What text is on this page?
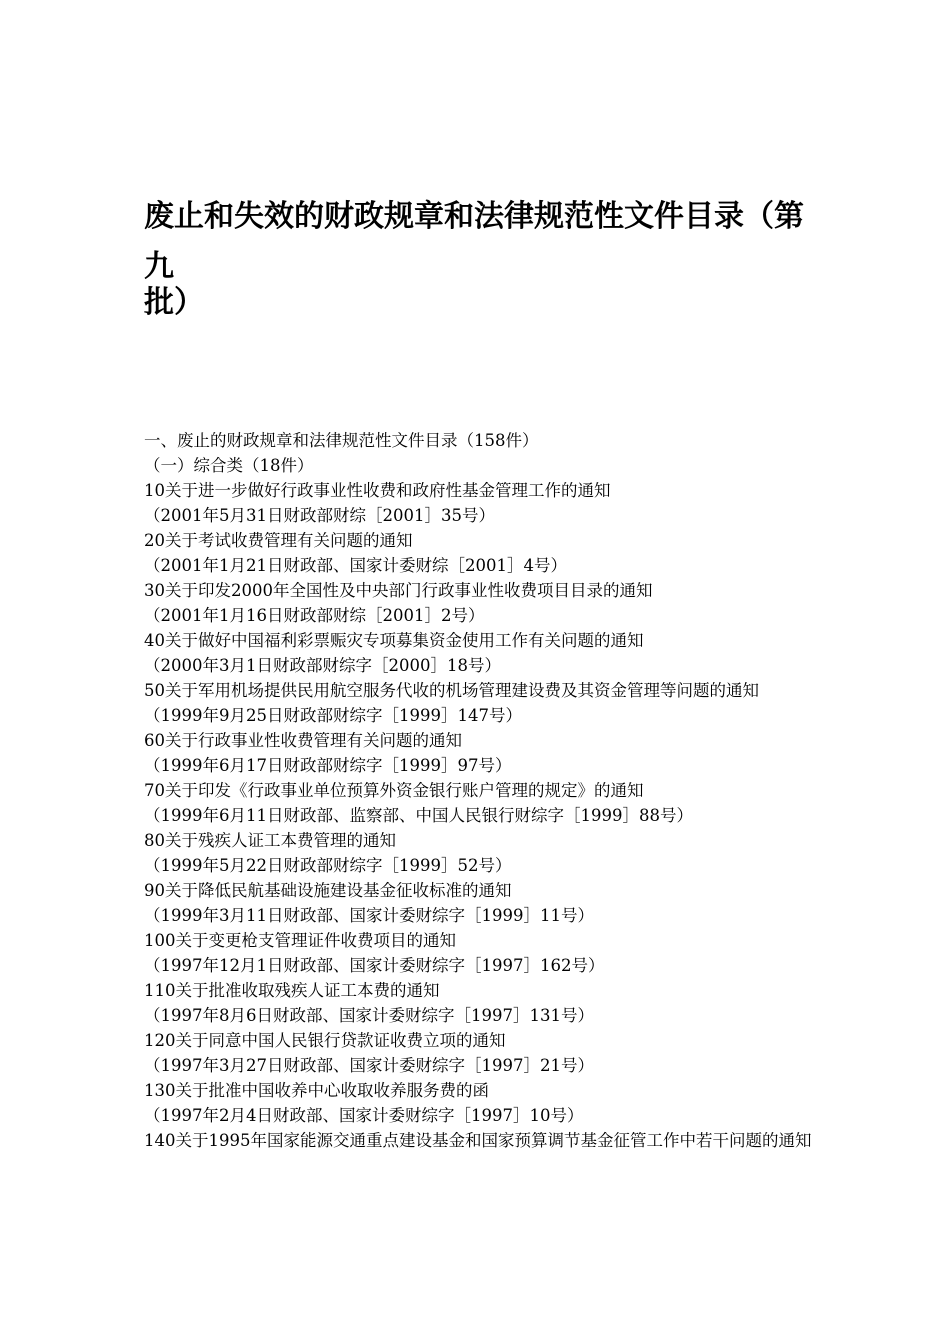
废止和失效的财政规章和法律规范性文件目录（第九
批）
一、废止的财政规章和法律规范性文件目录（158件）
（一）综合类（18件）
10关于进一步做好行政事业性收费和政府性基金管理工作的通知
（2001年5月31日财政部财综［2001］35号）
20关于考试收费管理有关问题的通知
（2001年1月21日财政部、国家计委财综［2001］4号）
30关于印发2000年全国性及中央部门行政事业性收费项目目录的通知
（2001年1月16日财政部财综［2001］2号）
40关于做好中国福利彩票赈灾专项募集资金使用工作有关问题的通知
（2000年3月1日财政部财综字［2000］18号）
50关于军用机场提供民用航空服务代收的机场管理建设费及其资金管理等问题的通知
（1999年9月25日财政部财综字［1999］147号）
60关于行政事业性收费管理有关问题的通知
（1999年6月17日财政部财综字［1999］97号）
70关于印发《行政事业单位预算外资金银行账户管理的规定》的通知
（1999年6月11日财政部、监察部、中国人民银行财综字［1999］88号）
80关于残疾人证工本费管理的通知
（1999年5月22日财政部财综字［1999］52号）
90关于降低民航基础设施建设基金征收标准的通知
（1999年3月11日财政部、国家计委财综字［1999］11号）
100关于变更枪支管理证件收费项目的通知
（1997年12月1日财政部、国家计委财综字［1997］162号）
110关于批准收取残疾人证工本费的通知
（1997年8月6日财政部、国家计委财综字［1997］131号）
120关于同意中国人民银行贷款证收费立项的通知
（1997年3月27日财政部、国家计委财综字［1997］21号）
130关于批准中国收养中心收取收养服务费的函
（1997年2月4日财政部、国家计委财综字［1997］10号）
140关于1995年国家能源交通重点建设基金和国家预算调节基金征管工作中若干问题的通知
